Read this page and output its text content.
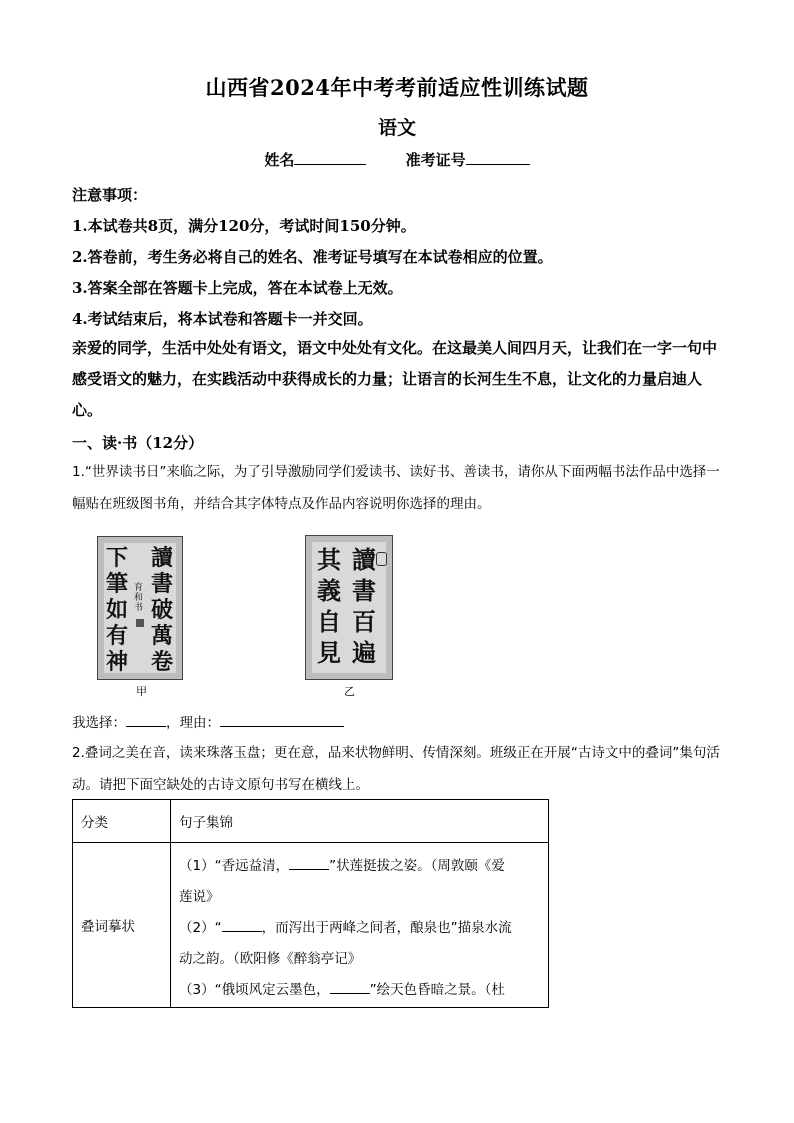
山西省2024年中考考前适应性训练试题
语文
姓名	准考证号
注意事项：
1.本试卷共8页，满分120分，考试时间150分钟。
2.答卷前，考生务必将自己的姓名、准考证号填写在本试卷相应的位置。
3.答案全部在答题卡上完成，答在本试卷上无效。
4.考试结束后，将本试卷和答题卡一并交回。
亲爱的同学，生活中处处有语文，语文中处处有文化。在这最美人间四月天，让我们在一字一句中感受语文的魅力，在实践活动中获得成长的力量；让语言的长河生生不息，让文化的力量启迪人心。
一、读·书（12分）
1.“世界读书日”来临之际，为了引导激励同学们爱读书、读好书、善读书，请你从下面两幅书法作品中选择一幅贴在班级图书角，并结合其字体特点及作品内容说明你选择的理由。
讀書破萬卷
下筆如有神
育和书
甲
讀書百遍
其義自見
乙
我选择：	，理由：
2.叠词之美在音，读来珠落玉盘；更在意，品来状物鲜明、传情深刻。班级正在开展“古诗文中的叠词”集句活动。请把下面空缺处的古诗文原句书写在横线上。
分类	句子集锦
叠词摹状	（1）“香远益清， ”状莲挺拔之姿。（周敦颐《爱
莲说》
（2）“ ，而泻出于两峰之间者，酿泉也”描泉水流
动之韵。（欧阳修《醉翁亭记》
（3）“俄顷风定云墨色， ”绘天色昏暗之景。（杜
